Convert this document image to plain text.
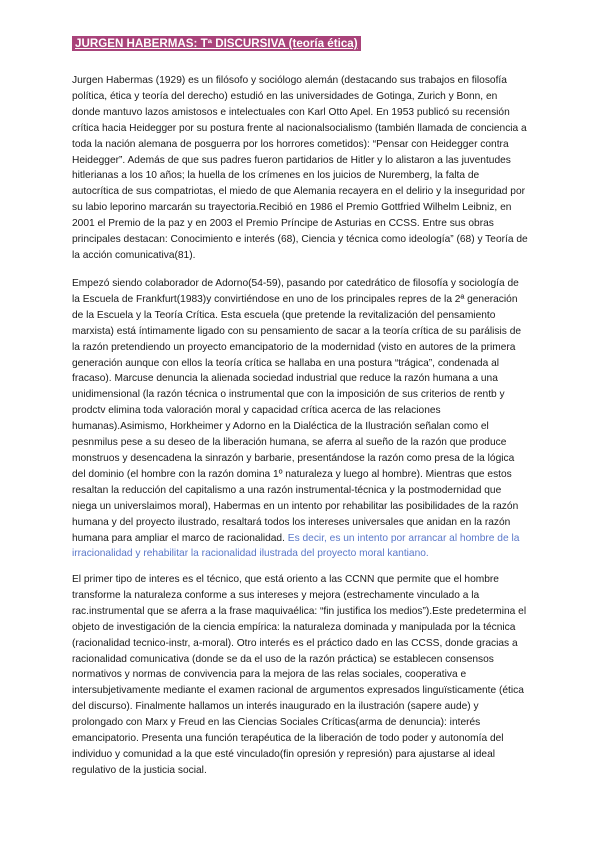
JURGEN HABERMAS: Tª DISCURSIVA (teoría ética)

Jurgen Habermas (1929) es un filósofo y sociólogo alemán (destacando sus trabajos en filosofía política, ética y teoría del derecho) estudió en las universidades de Gotinga, Zurich y Bonn, en donde mantuvo lazos amistosos e intelectuales con Karl Otto Apel. En 1953 publicó su recensión crítica hacia Heidegger por su postura frente al nacionalsocialismo (también llamada de conciencia a toda la nación alemana de posguerra por los horrores cometidos): “Pensar con Heidegger contra Heidegger”. Además de que sus padres fueron partidarios de Hitler y lo alistaron a las juventudes hitlerianas a los 10 años; la huella de los crímenes en los juicios de Nuremberg, la falta de autocrítica de sus compatriotas, el miedo de que Alemania recayera en el delirio y la inseguridad por su labio leporino marcarán su trayectoria.Recibió en 1986 el Premio Gottfried Wilhelm Leibniz, en 2001 el Premio de la paz y en 2003 el Premio Príncipe de Asturias en CCSS. Entre sus obras principales destacan: Conocimiento e interés (68), Ciencia y técnica como ideología” (68) y Teoría de la acción comunicativa(81).

Empezó siendo colaborador de Adorno(54-59), pasando por catedrático de filosofía y sociología de la Escuela de Frankfurt(1983)y convirtiéndose en uno de los principales repres de la 2ª generación de la Escuela y la Teoría Crítica. Esta escuela (que pretende la revitalización del pensamiento marxista) está íntimamente ligado con su pensamiento de sacar a la teoría crítica de su parálisis de la razón pretendiendo un proyecto emancipatorio de la modernidad (visto en autores de la primera generación aunque con ellos la teoría crítica se hallaba en una postura “trágica”, condenada al fracaso). Marcuse denuncia la alienada sociedad industrial que reduce la razón humana a una unidimensional (la razón técnica o instrumental que con la imposición de sus criterios de rentb y prodctv elimina toda valoración moral y capacidad crítica acerca de las relaciones humanas).Asimismo, Horkheimer y Adorno en la Dialéctica de la Ilustración señalan como el pesnmilus pese a su deseo de la liberación humana, se aferra al sueño de la razón que produce monstruos y desencadena la sinrazón y barbarie, presentándose la razón como presa de la lógica del dominio (el hombre con la razón domina 1º naturaleza y luego al hombre). Mientras que estos resaltan la reducción del capitalismo a una razón instrumental-técnica y la postmodernidad que niega un universlaimos moral), Habermas en un intento por rehabilitar las posibilidades de la razón humana y del proyecto ilustrado, resaltará todos los intereses universales que anidan en la razón humana para ampliar el marco de racionalidad. Es decir, es un intento por arrancar al hombre de la irracionalidad y rehabilitar la racionalidad ilustrada del proyecto moral kantiano.

El primer tipo de interes es el técnico, que está oriento a las CCNN que permite que el hombre transforme la naturaleza conforme a sus intereses y mejora (estrechamente vinculado a la rac.instrumental que se aferra a la frase maquivaélica: “fin justifica los medios”).Este predetermina el objeto de investigación de la ciencia empírica: la naturaleza dominada y manipulada por la técnica (racionalidad tecnico-instr, a-moral). Otro interés es el práctico dado en las CCSS, donde gracias a racionalidad comunicativa (donde se da el uso de la razón práctica) se establecen consensos normativos y normas de convivencia para la mejora de las relas sociales, cooperativa e intersubjetivamente mediante el examen racional de argumentos expresados linguïsticamente (ética del discurso). Finalmente hallamos un interés inaugurado en la ilustración (sapere aude) y prolongado con Marx y Freud en las Ciencias Sociales Críticas(arma de denuncia): interés emancipatorio. Presenta una función terapéutica de la liberación de todo poder y autonomía del individuo y comunidad a la que esté vinculado(fin opresión y represión) para ajustarse al ideal regulativo de la justicia social.
